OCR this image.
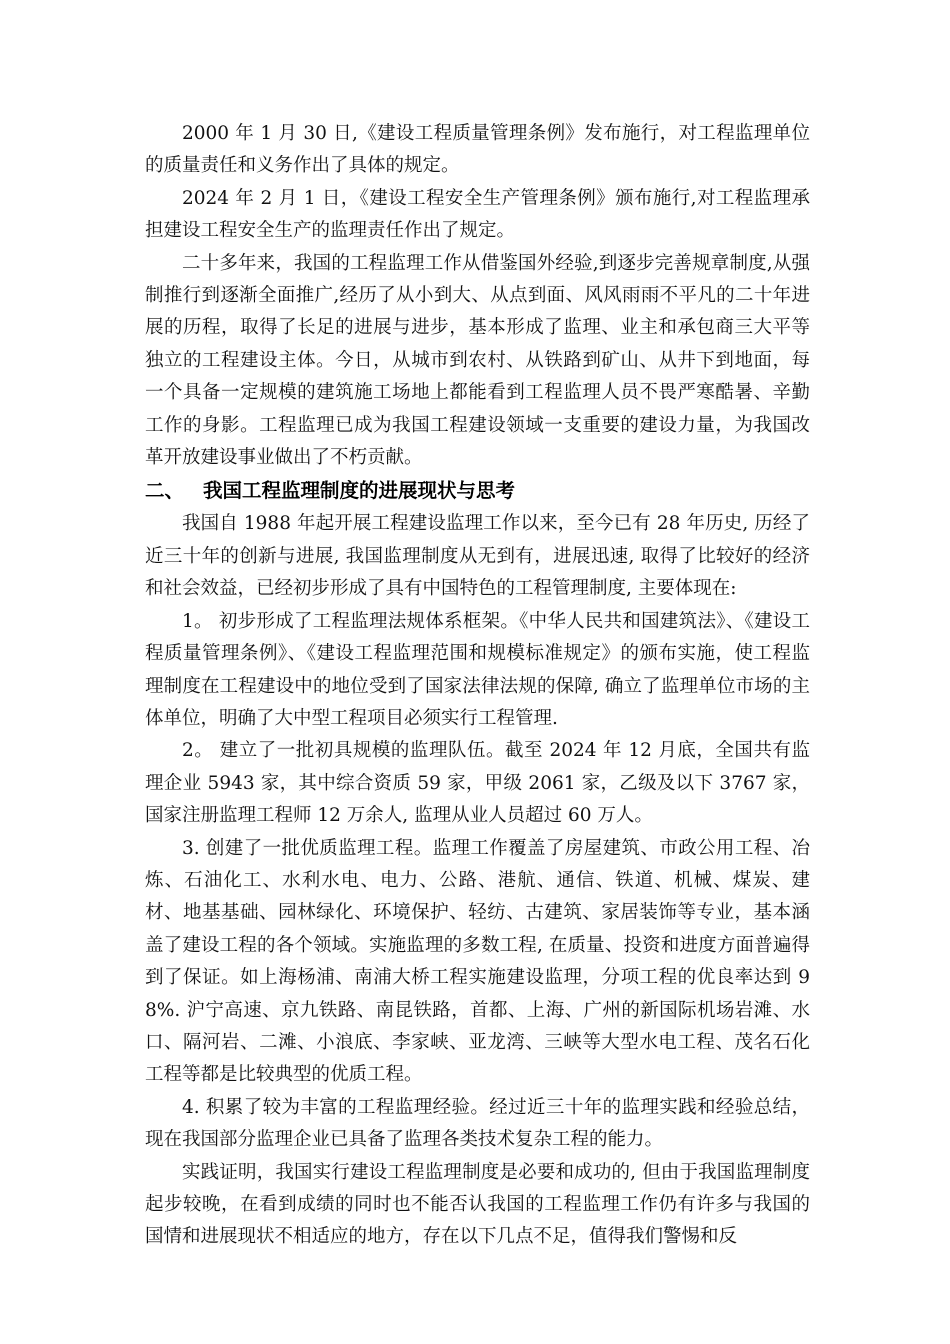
2000 年 1 月 30 日,《建设工程质量管理条例》发布施行，对工程监理单位的质量责任和义务作出了具体的规定。

2024 年 2 月 1 日，《建设工程安全生产管理条例》颁布施行,对工程监理承担建设工程安全生产的监理责任作出了规定。

二十多年来，我国的工程监理工作从借鉴国外经验,到逐步完善规章制度,从强制推行到逐渐全面推广,经历了从小到大、从点到面、风风雨雨不平凡的二十年进展的历程，取得了长足的进展与进步，基本形成了监理、业主和承包商三大平等独立的工程建设主体。今日，从城市到农村、从铁路到矿山、从井下到地面，每一个具备一定规模的建筑施工场地上都能看到工程监理人员不畏严寒酷暑、辛勤工作的身影。工程监理已成为我国工程建设领域一支重要的建设力量，为我国改革开放建设事业做出了不朽贡献。

二、 我国工程监理制度的进展现状与思考

我国自 1988 年起开展工程建设监理工作以来，至今已有 28 年历史, 历经了近三十年的创新与进展, 我国监理制度从无到有，进展迅速, 取得了比较好的经济和社会效益，已经初步形成了具有中国特色的工程管理制度, 主要体现在:

1。 初步形成了工程监理法规体系框架。《中华人民共和国建筑法》、《建设工程质量管理条例》、《建设工程监理范围和规模标准规定》的颁布实施，使工程监理制度在工程建设中的地位受到了国家法律法规的保障, 确立了监理单位市场的主体单位，明确了大中型工程项目必须实行工程管理.

2。 建立了一批初具规模的监理队伍。截至 2024 年 12 月底，全国共有监理企业 5943 家，其中综合资质 59 家，甲级 2061 家，乙级及以下 3767 家，国家注册监理工程师 12 万余人, 监理从业人员超过 60 万人。

3. 创建了一批优质监理工程。监理工作覆盖了房屋建筑、市政公用工程、冶炼、石油化工、水利水电、电力、公路、港航、通信、铁道、机械、煤炭、建材、地基基础、园林绿化、环境保护、轻纺、古建筑、家居装饰等专业，基本涵盖了建设工程的各个领域。实施监理的多数工程, 在质量、投资和进度方面普遍得到了保证。如上海杨浦、南浦大桥工程实施建设监理，分项工程的优良率达到 98%. 沪宁高速、京九铁路、南昆铁路，首都、上海、广州的新国际机场岩滩、水口、隔河岩、二滩、小浪底、李家峡、亚龙湾、三峡等大型水电工程、茂名石化工程等都是比较典型的优质工程。

4. 积累了较为丰富的工程监理经验。经过近三十年的监理实践和经验总结，现在我国部分监理企业已具备了监理各类技术复杂工程的能力。

实践证明，我国实行建设工程监理制度是必要和成功的, 但由于我国监理制度起步较晚，在看到成绩的同时也不能否认我国的工程监理工作仍有许多与我国的国情和进展现状不相适应的地方，存在以下几点不足，值得我们警惕和反
